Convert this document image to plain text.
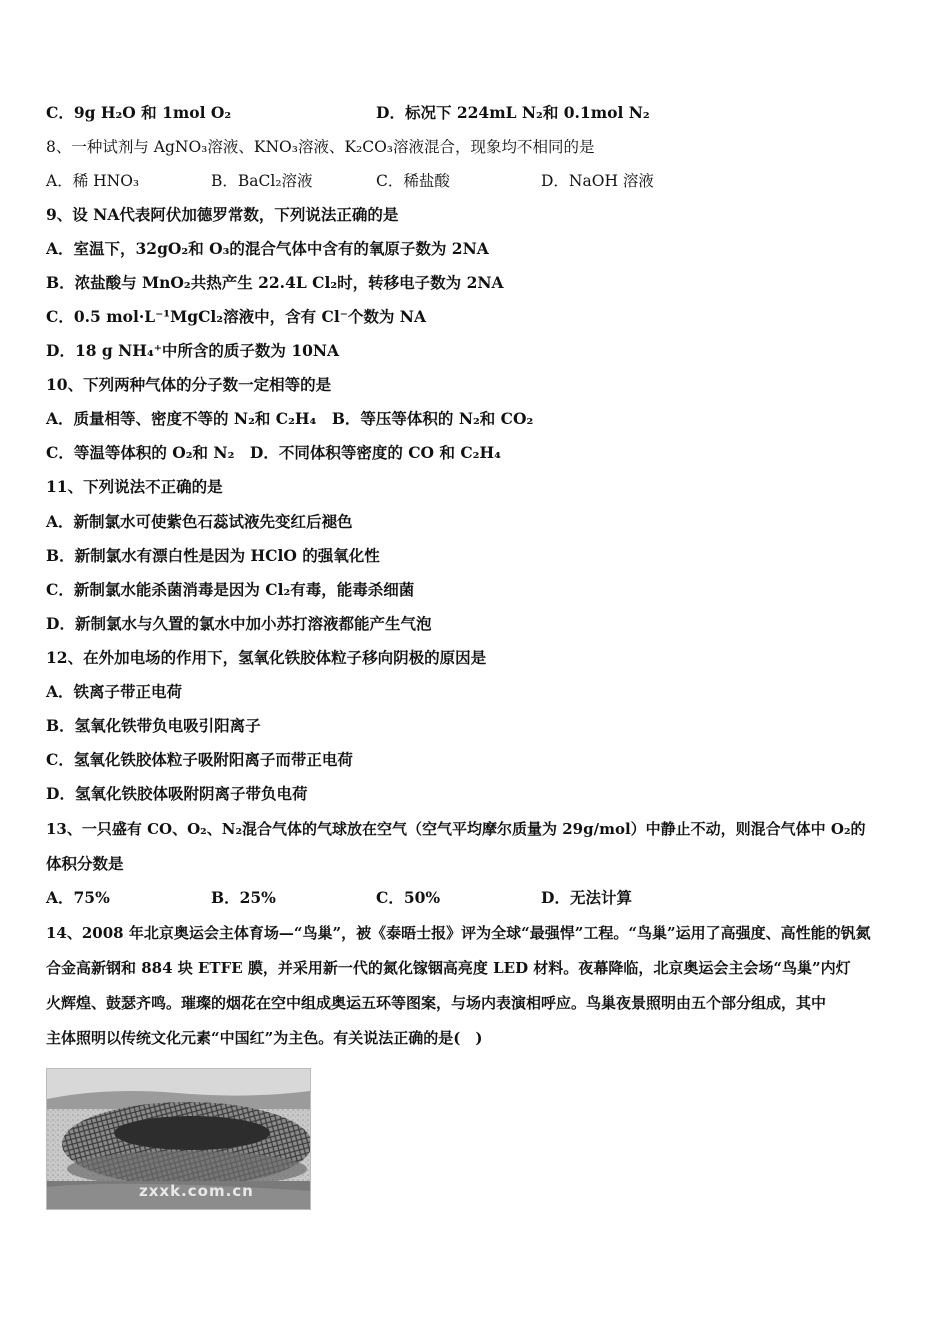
C．9g H₂O 和 1mol O₂	D．标况下 224mL N₂和 0.1mol N₂
8、一种试剂与 AgNO₃溶液、KNO₃溶液、K₂CO₃溶液混合，现象均不相同的是
A．稀 HNO₃	B．BaCl₂溶液	C．稀盐酸	D．NaOH 溶液
9、设 NA代表阿伏加德罗常数，下列说法正确的是
A．室温下，32gO₂和 O₃的混合气体中含有的氧原子数为 2NA
B．浓盐酸与 MnO₂共热产生 22.4L Cl₂时，转移电子数为 2NA
C．0.5 mol·L⁻¹MgCl₂溶液中，含有 Cl⁻个数为 NA
D．18 g NH₄⁺中所含的质子数为 10NA
10、下列两种气体的分子数一定相等的是
A．质量相等、密度不等的 N₂和 C₂H₄　B．等压等体积的 N₂和 CO₂
C．等温等体积的 O₂和 N₂　D．不同体积等密度的 CO 和 C₂H₄
11、下列说法不正确的是
A．新制氯水可使紫色石蕊试液先变红后褪色
B．新制氯水有漂白性是因为 HClO 的强氧化性
C．新制氯水能杀菌消毒是因为 Cl₂有毒，能毒杀细菌
D．新制氯水与久置的氯水中加小苏打溶液都能产生气泡
12、在外加电场的作用下，氢氧化铁胶体粒子移向阴极的原因是
A．铁离子带正电荷
B．氢氧化铁带负电吸引阳离子
C．氢氧化铁胶体粒子吸附阳离子而带正电荷
D．氢氧化铁胶体吸附阴离子带负电荷
13、一只盛有 CO、O₂、N₂混合气体的气球放在空气（空气平均摩尔质量为 29g/mol）中静止不动，则混合气体中 O₂的
体积分数是
A．75%	B．25%	C．50%	D．无法计算
14、2008 年北京奥运会主体育场—“鸟巢”，被《泰晤士报》评为全球“最强悍”工程。“鸟巢”运用了高强度、高性能的钒氮
合金高新钢和 884 块 ETFE 膜，并采用新一代的氮化镓铟高亮度 LED 材料。夜幕降临，北京奥运会主会场“鸟巢”内灯
火辉煌、鼓瑟齐鸣。璀璨的烟花在空中组成奥运五环等图案，与场内表演相呼应。鸟巢夜景照明由五个部分组成，其中
主体照明以传统文化元素“中国红”为主色。有关说法正确的是(　)
zxxk.com.cn
